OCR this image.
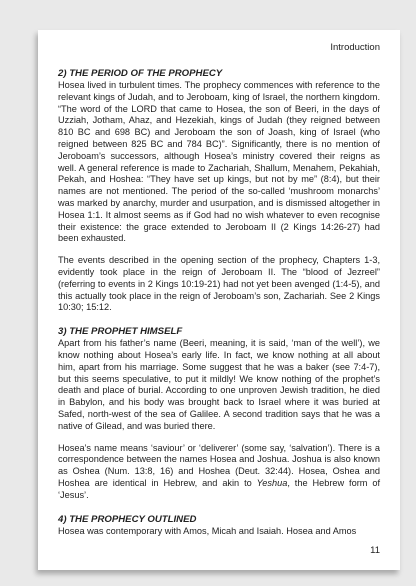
Introduction

2) THE PERIOD OF THE PROPHECY

Hosea lived in turbulent times. The prophecy commences with reference to the relevant kings of Judah, and to Jeroboam, king of Israel, the northern kingdom. “The word of the LORD that came to Hosea, the son of Beeri, in the days of Uzziah, Jotham, Ahaz, and Hezekiah, kings of Judah (they reigned between 810 BC and 698 BC) and Jeroboam the son of Joash, king of Israel (who reigned between 825 BC and 784 BC)”. Significantly, there is no mention of Jeroboam’s successors, although Hosea’s ministry covered their reigns as well. A general reference is made to Zachariah, Shallum, Menahem, Pekahiah, Pekah, and Hoshea: “They have set up kings, but not by me” (8:4), but their names are not mentioned. The period of the so-called ‘mushroom monarchs’ was marked by anarchy, murder and usurpation, and is dismissed altogether in Hosea 1:1. It almost seems as if God had no wish whatever to even recognise their existence: the grace extended to Jeroboam II (2 Kings 14:26-27) had been exhausted.

The events described in the opening section of the prophecy, Chapters 1-3, evidently took place in the reign of Jeroboam II. The “blood of Jezreel” (referring to events in 2 Kings 10:19-21) had not yet been avenged (1:4-5), and this actually took place in the reign of Jeroboam’s son, Zachariah. See 2 Kings 10:30; 15:12.

3) THE PROPHET HIMSELF

Apart from his father’s name (Beeri, meaning, it is said, ‘man of the well’), we know nothing about Hosea’s early life. In fact, we know nothing at all about him, apart from his marriage. Some suggest that he was a baker (see 7:4-7), but this seems speculative, to put it mildly! We know nothing of the prophet’s death and place of burial. According to one unproven Jewish tradition, he died in Babylon, and his body was brought back to Israel where it was buried at Safed, north-west of the sea of Galilee. A second tradition says that he was a native of Gilead, and was buried there.

Hosea’s name means ‘saviour’ or ‘deliverer’ (some say, ‘salvation’). There is a correspondence between the names Hosea and Joshua. Joshua is also known as Oshea (Num. 13:8, 16) and Hoshea (Deut. 32:44). Hosea, Oshea and Hoshea are identical in Hebrew, and akin to Yeshua, the Hebrew form of ‘Jesus’.

4) THE PROPHECY OUTLINED

Hosea was contemporary with Amos, Micah and Isaiah. Hosea and Amos

11
